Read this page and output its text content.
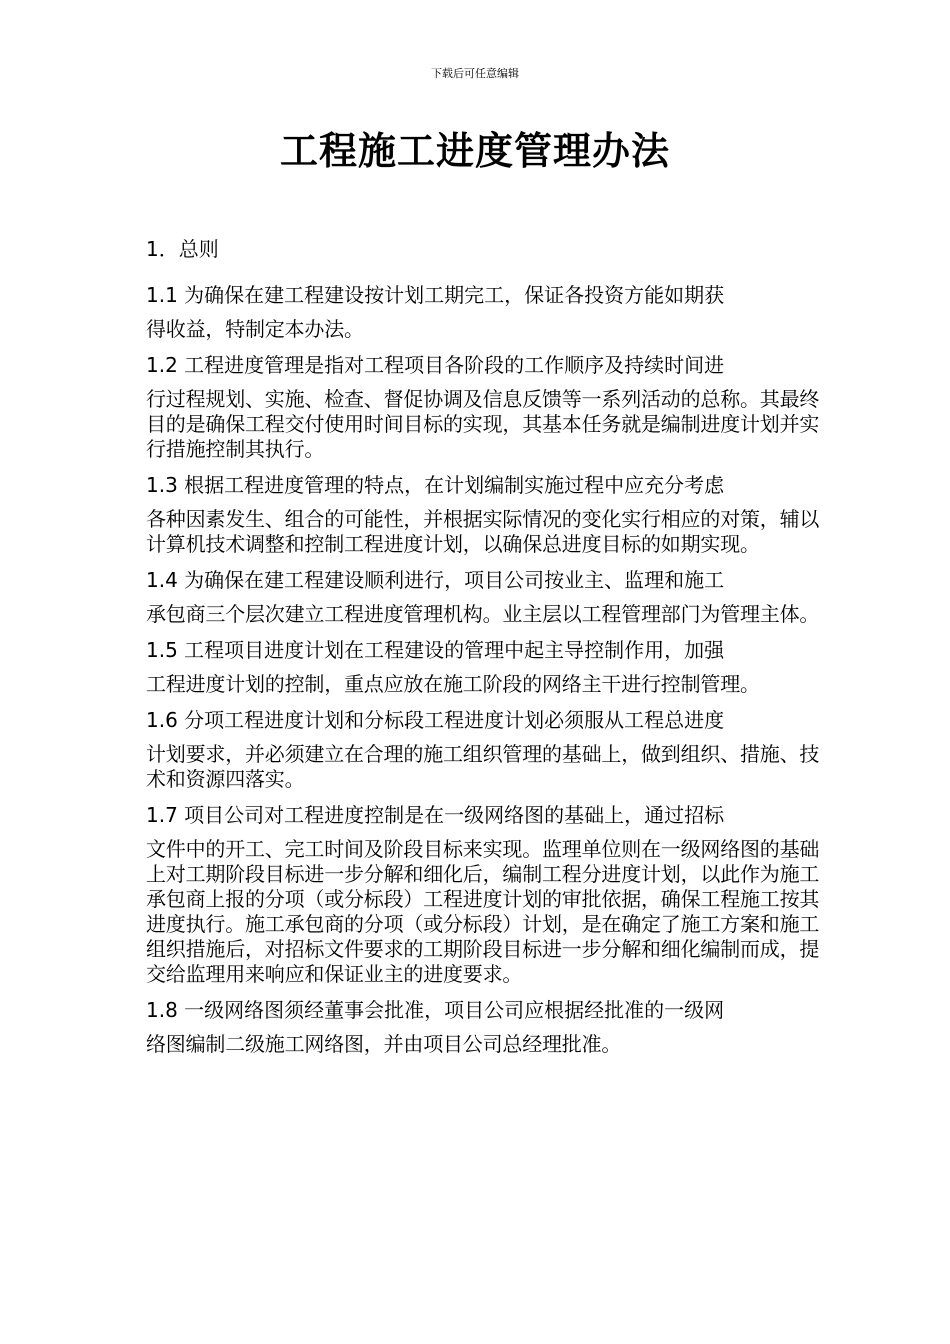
下载后可任意编辑
工程施工进度管理办法
1．总则
1.1 为确保在建工程建设按计划工期完工，保证各投资方能如期获
得收益，特制定本办法。
1.2 工程进度管理是指对工程项目各阶段的工作顺序及持续时间进
行过程规划、实施、检查、督促协调及信息反馈等一系列活动的总称。其最终目的是确保工程交付使用时间目标的实现，其基本任务就是编制进度计划并实行措施控制其执行。
1.3 根据工程进度管理的特点，在计划编制实施过程中应充分考虑
各种因素发生、组合的可能性，并根据实际情况的变化实行相应的对策，辅以计算机技术调整和控制工程进度计划，以确保总进度目标的如期实现。
1.4 为确保在建工程建设顺利进行，项目公司按业主、监理和施工
承包商三个层次建立工程进度管理机构。业主层以工程管理部门为管理主体。
1.5 工程项目进度计划在工程建设的管理中起主导控制作用，加强
工程进度计划的控制，重点应放在施工阶段的网络主干进行控制管理。
1.6 分项工程进度计划和分标段工程进度计划必须服从工程总进度
计划要求，并必须建立在合理的施工组织管理的基础上，做到组织、措施、技术和资源四落实。
1.7 项目公司对工程进度控制是在一级网络图的基础上，通过招标
文件中的开工、完工时间及阶段目标来实现。监理单位则在一级网络图的基础上对工期阶段目标进一步分解和细化后，编制工程分进度计划，以此作为施工承包商上报的分项（或分标段）工程进度计划的审批依据，确保工程施工按其进度执行。施工承包商的分项（或分标段）计划，是在确定了施工方案和施工组织措施后，对招标文件要求的工期阶段目标进一步分解和细化编制而成，提交给监理用来响应和保证业主的进度要求。
1.8 一级网络图须经董事会批准，项目公司应根据经批准的一级网
络图编制二级施工网络图，并由项目公司总经理批准。
